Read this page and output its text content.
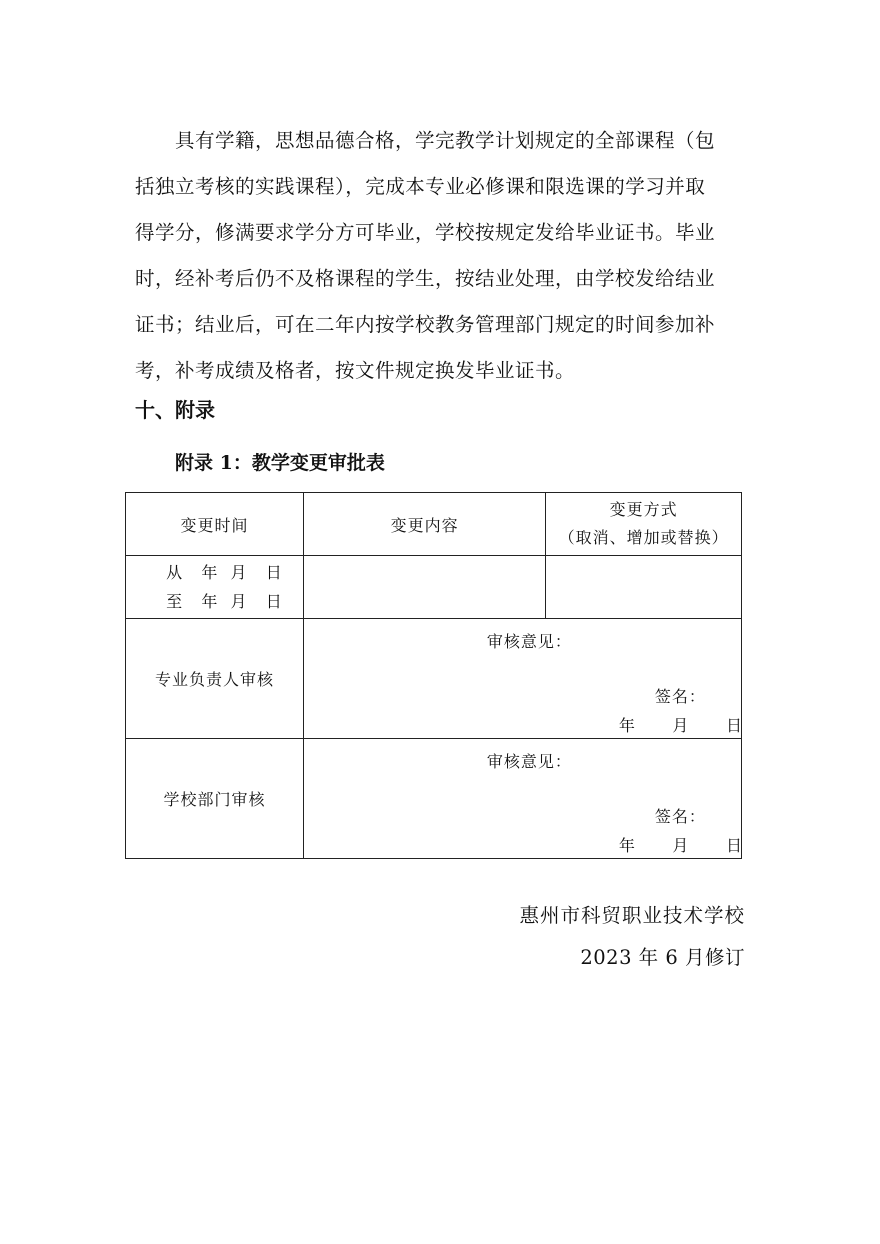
具有学籍，思想品德合格，学完教学计划规定的全部课程（包
括独立考核的实践课程），完成本专业必修课和限选课的学习并取
得学分，修满要求学分方可毕业，学校按规定发给毕业证书。毕业
时，经补考后仍不及格课程的学生，按结业处理，由学校发给结业
证书；结业后，可在二年内按学校教务管理部门规定的时间参加补
考，补考成绩及格者，按文件规定换发毕业证书。
十、附录
附录 1：教学变更审批表
变更时间	变更内容	变更方式
（取消、增加或替换）

从   年  月   日
至   年  月   日		

专业负责人审核	审核意见：
签名：
年      月      日	

学校部门审核	审核意见：
签名：
年      月      日	

惠州市科贸职业技术学校

2023 年 6 月修订
